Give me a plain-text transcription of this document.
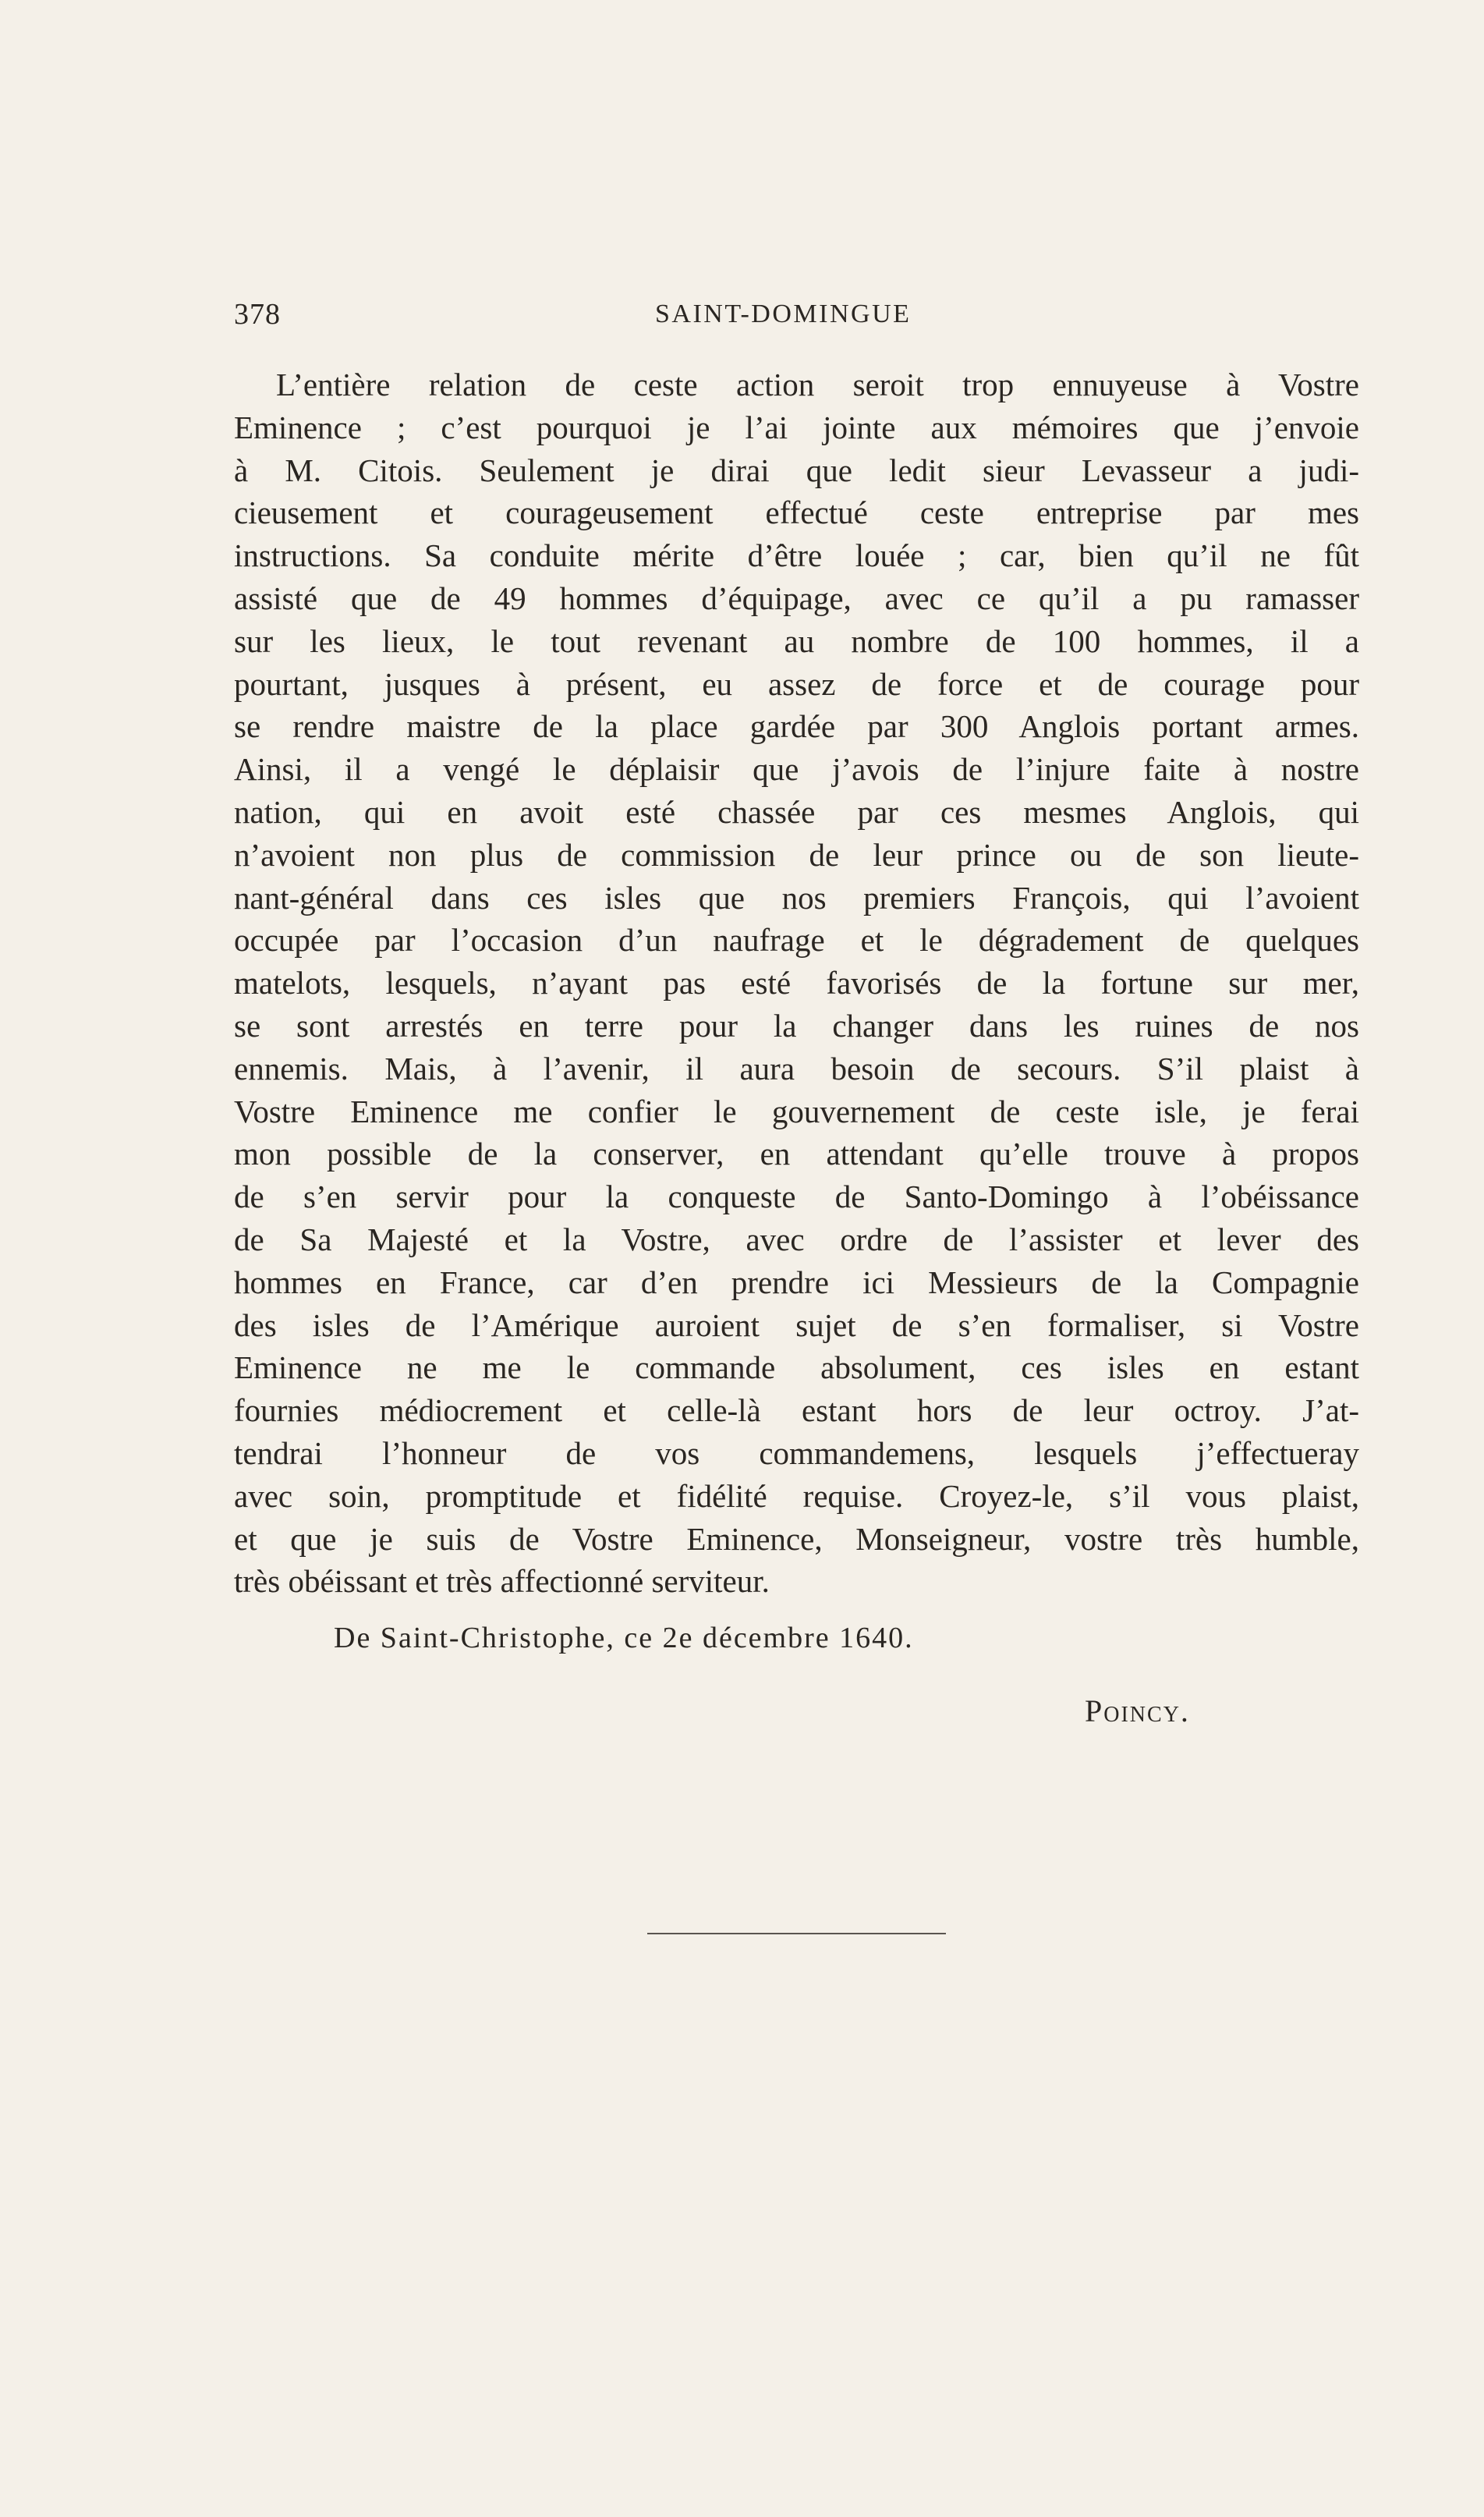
378	SAINT-DOMINGUE
L’entière relation de ceste action seroit trop ennuyeuse à Vostre
Eminence ; c’est pourquoi je l’ai jointe aux mémoires que j’envoie
à M. Citois. Seulement je dirai que ledit sieur Levasseur a judi-
cieusement et courageusement effectué ceste entreprise par mes
instructions. Sa conduite mérite d’être louée ; car, bien qu’il ne fût
assisté que de 49 hommes d’équipage, avec ce qu’il a pu ramasser
sur les lieux, le tout revenant au nombre de 100 hommes, il a
pourtant, jusques à présent, eu assez de force et de courage pour
se rendre maistre de la place gardée par 300 Anglois portant armes.
Ainsi, il a vengé le déplaisir que j’avois de l’injure faite à nostre
nation, qui en avoit esté chassée par ces mesmes Anglois, qui
n’avoient non plus de commission de leur prince ou de son lieute-
nant-général dans ces isles que nos premiers François, qui l’avoient
occupée par l’occasion d’un naufrage et le dégradement de quelques
matelots, lesquels, n’ayant pas esté favorisés de la fortune sur mer,
se sont arrestés en terre pour la changer dans les ruines de nos
ennemis. Mais, à l’avenir, il aura besoin de secours. S’il plaist à
Vostre Eminence me confier le gouvernement de ceste isle, je ferai
mon possible de la conserver, en attendant qu’elle trouve à propos
de s’en servir pour la conqueste de Santo-Domingo à l’obéissance
de Sa Majesté et la Vostre, avec ordre de l’assister et lever des
hommes en France, car d’en prendre ici Messieurs de la Compagnie
des isles de l’Amérique auroient sujet de s’en formaliser, si Vostre
Eminence ne me le commande absolument, ces isles en estant
fournies médiocrement et celle-là estant hors de leur octroy. J’at-
tendrai l’honneur de vos commandemens, lesquels j’effectueray
avec soin, promptitude et fidélité requise. Croyez-le, s’il vous plaist,
et que je suis de Vostre Eminence, Monseigneur, vostre très humble,
très obéissant et très affectionné serviteur.
De Saint-Christophe, ce 2e décembre 1640.
Poincy.
